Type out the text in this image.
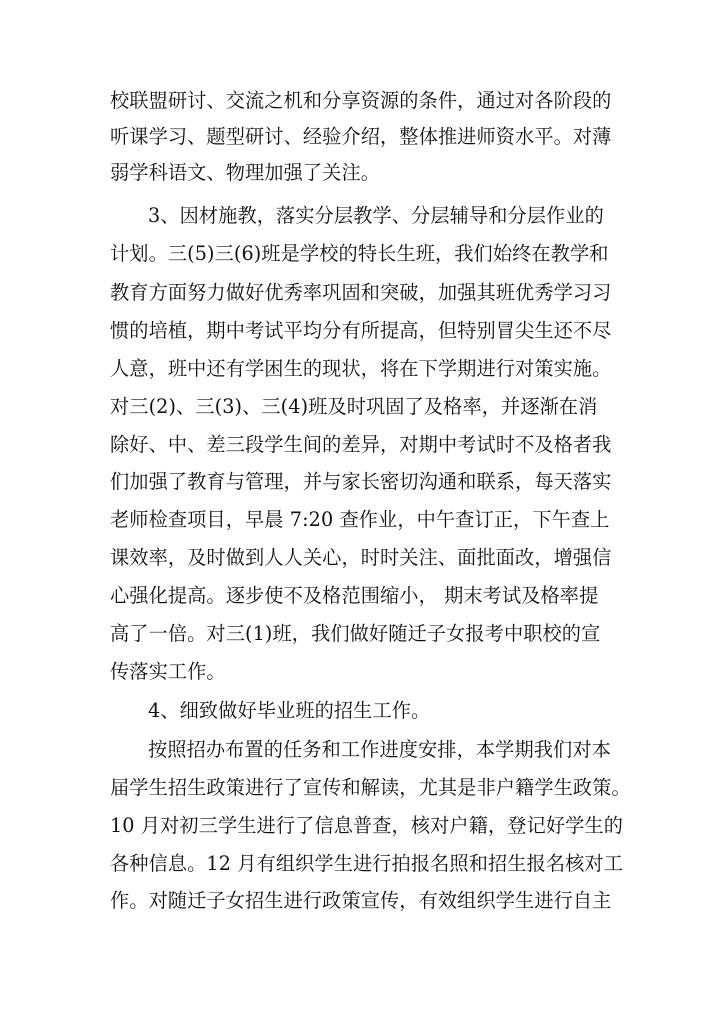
校联盟研讨、交流之机和分享资源的条件，通过对各阶段的
听课学习、题型研讨、经验介绍，整体推进师资水平。对薄
弱学科语文、物理加强了关注。
3、因材施教，落实分层教学、分层辅导和分层作业的
计划。三(5)三(6)班是学校的特长生班，我们始终在教学和
教育方面努力做好优秀率巩固和突破，加强其班优秀学习习
惯的培植，期中考试平均分有所提高，但特别冒尖生还不尽
人意，班中还有学困生的现状，将在下学期进行对策实施。
对三(2)、三(3)、三(4)班及时巩固了及格率，并逐渐在消
除好、中、差三段学生间的差异，对期中考试时不及格者我
们加强了教育与管理，并与家长密切沟通和联系，每天落实
老师检查项目，早晨 7:20 查作业，中午查订正，下午查上
课效率，及时做到人人关心，时时关注、面批面改，增强信
心强化提高。逐步使不及格范围缩小， 期末考试及格率提
高了一倍。对三(1)班，我们做好随迁子女报考中职校的宣
传落实工作。
4、细致做好毕业班的招生工作。
按照招办布置的任务和工作进度安排，本学期我们对本
届学生招生政策进行了宣传和解读，尤其是非户籍学生政策。
10 月对初三学生进行了信息普查，核对户籍，登记好学生的
各种信息。12 月有组织学生进行拍报名照和招生报名核对工
作。对随迁子女招生进行政策宣传，有效组织学生进行自主
